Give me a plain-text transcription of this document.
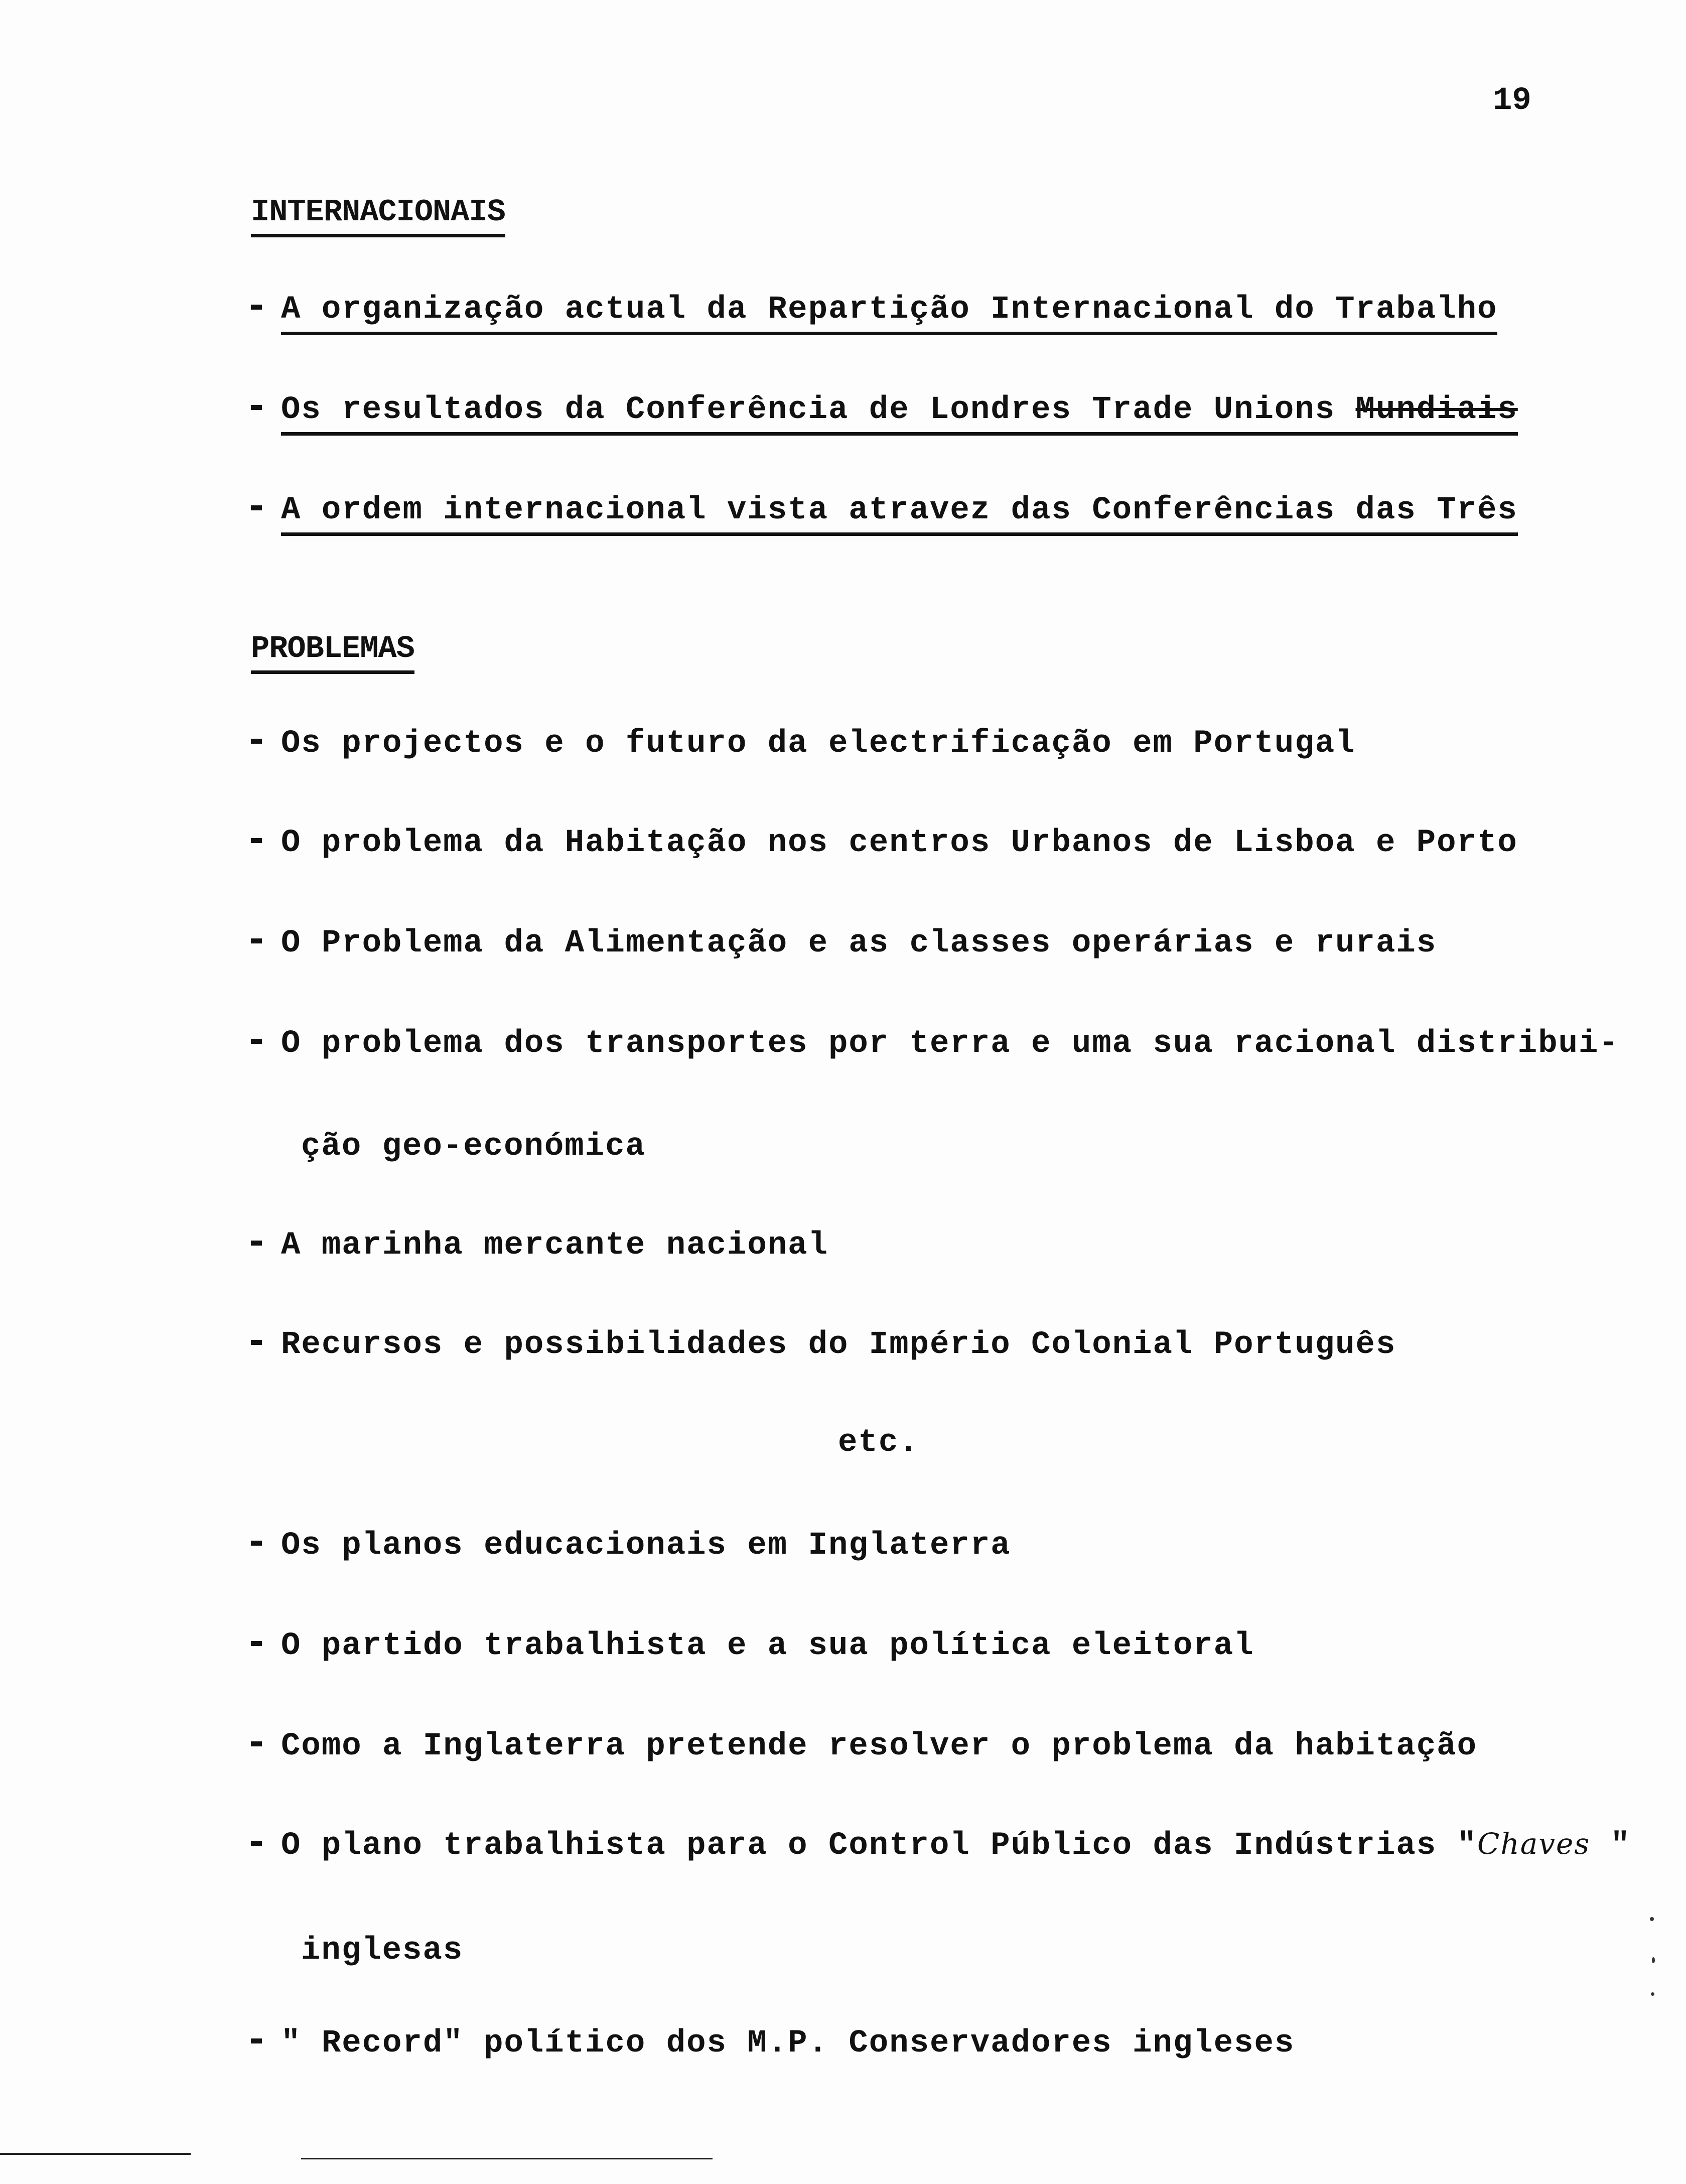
19
INTERNACIONAIS
A organização actual da Repartição Internacional do Trabalho
Os resultados da Conferência de Londres Trade Unions Mundiais
A ordem internacional vista atravez das Conferências das Três
PROBLEMAS
Os projectos e o futuro da electrificação em Portugal
O problema da Habitação nos centros Urbanos de Lisboa e Porto
O Problema da Alimentação e as classes operárias e rurais
O problema dos transportes por terra e uma sua racional distribui-
ção geo-económica
A marinha mercante nacional
Recursos e possibilidades do Império Colonial Português
etc.
Os planos educacionais em Inglaterra
O partido trabalhista e a sua política eleitoral
Como a Inglaterra pretende resolver o problema da habitação
O plano trabalhista para o Control Público das Indústrias "Chaves "
inglesas
" Record" político dos M.P. Conservadores ingleses
